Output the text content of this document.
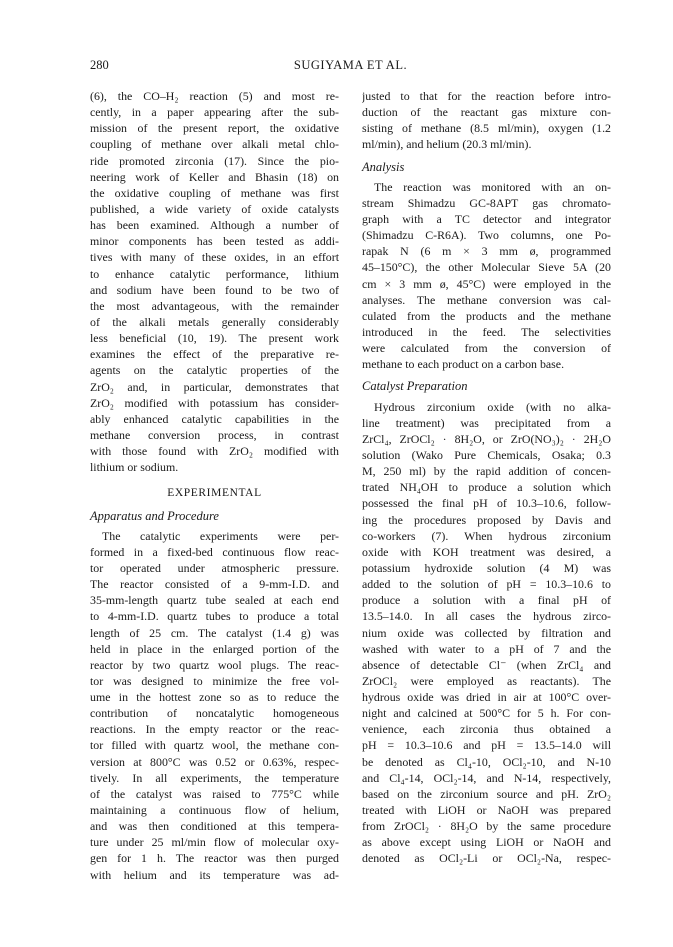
280	SUGIYAMA ET AL.
(6), the CO–H₂ reaction (5) and most re-
cently, in a paper appearing after the sub-
mission of the present report, the oxidative
coupling of methane over alkali metal chlo-
ride promoted zirconia (17). Since the pio-
neering work of Keller and Bhasin (18) on
the oxidative coupling of methane was first
published, a wide variety of oxide catalysts
has been examined. Although a number of
minor components has been tested as addi-
tives with many of these oxides, in an effort
to enhance catalytic performance, lithium
and sodium have been found to be two of
the most advantageous, with the remainder
of the alkali metals generally considerably
less beneficial (10, 19). The present work
examines the effect of the preparative re-
agents on the catalytic properties of the
ZrO₂ and, in particular, demonstrates that
ZrO₂ modified with potassium has consider-
ably enhanced catalytic capabilities in the
methane conversion process, in contrast
with those found with ZrO₂ modified with
lithium or sodium.
EXPERIMENTAL
Apparatus and Procedure
The catalytic experiments were per-
formed in a fixed-bed continuous flow reac-
tor operated under atmospheric pressure.
The reactor consisted of a 9-mm-I.D. and
35-mm-length quartz tube sealed at each end
to 4-mm-I.D. quartz tubes to produce a total
length of 25 cm. The catalyst (1.4 g) was
held in place in the enlarged portion of the
reactor by two quartz wool plugs. The reac-
tor was designed to minimize the free vol-
ume in the hottest zone so as to reduce the
contribution of noncatalytic homogeneous
reactions. In the empty reactor or the reac-
tor filled with quartz wool, the methane con-
version at 800°C was 0.52 or 0.63%, respec-
tively. In all experiments, the temperature
of the catalyst was raised to 775°C while
maintaining a continuous flow of helium,
and was then conditioned at this tempera-
ture under 25 ml/min flow of molecular oxy-
gen for 1 h. The reactor was then purged
with helium and its temperature was ad-
justed to that for the reaction before intro-
duction of the reactant gas mixture con-
sisting of methane (8.5 ml/min), oxygen (1.2
ml/min), and helium (20.3 ml/min).
Analysis
The reaction was monitored with an on-
stream Shimadzu GC-8APT gas chromato-
graph with a TC detector and integrator
(Shimadzu C-R6A). Two columns, one Po-
rapak N (6 m × 3 mm ø, programmed
45–150°C), the other Molecular Sieve 5A (20
cm × 3 mm ø, 45°C) were employed in the
analyses. The methane conversion was cal-
culated from the products and the methane
introduced in the feed. The selectivities
were calculated from the conversion of
methane to each product on a carbon base.
Catalyst Preparation
Hydrous zirconium oxide (with no alka-
line treatment) was precipitated from a
ZrCl₄, ZrOCl₂ · 8H₂O, or ZrO(NO₃)₂ · 2H₂O
solution (Wako Pure Chemicals, Osaka; 0.3
M, 250 ml) by the rapid addition of concen-
trated NH₄OH to produce a solution which
possessed the final pH of 10.3–10.6, follow-
ing the procedures proposed by Davis and
co-workers (7). When hydrous zirconium
oxide with KOH treatment was desired, a
potassium hydroxide solution (4 M) was
added to the solution of pH = 10.3–10.6 to
produce a solution with a final pH of
13.5–14.0. In all cases the hydrous zirco-
nium oxide was collected by filtration and
washed with water to a pH of 7 and the
absence of detectable Cl⁻ (when ZrCl₄ and
ZrOCl₂ were employed as reactants). The
hydrous oxide was dried in air at 100°C over-
night and calcined at 500°C for 5 h. For con-
venience, each zirconia thus obtained a
pH = 10.3–10.6 and pH = 13.5–14.0 will
be denoted as Cl₄-10, OCl₂-10, and N-10
and Cl₄-14, OCl₂-14, and N-14, respectively,
based on the zirconium source and pH. ZrO₂
treated with LiOH or NaOH was prepared
from ZrOCl₂ · 8H₂O by the same procedure
as above except using LiOH or NaOH and
denoted as OCl₂-Li or OCl₂-Na, respec-
